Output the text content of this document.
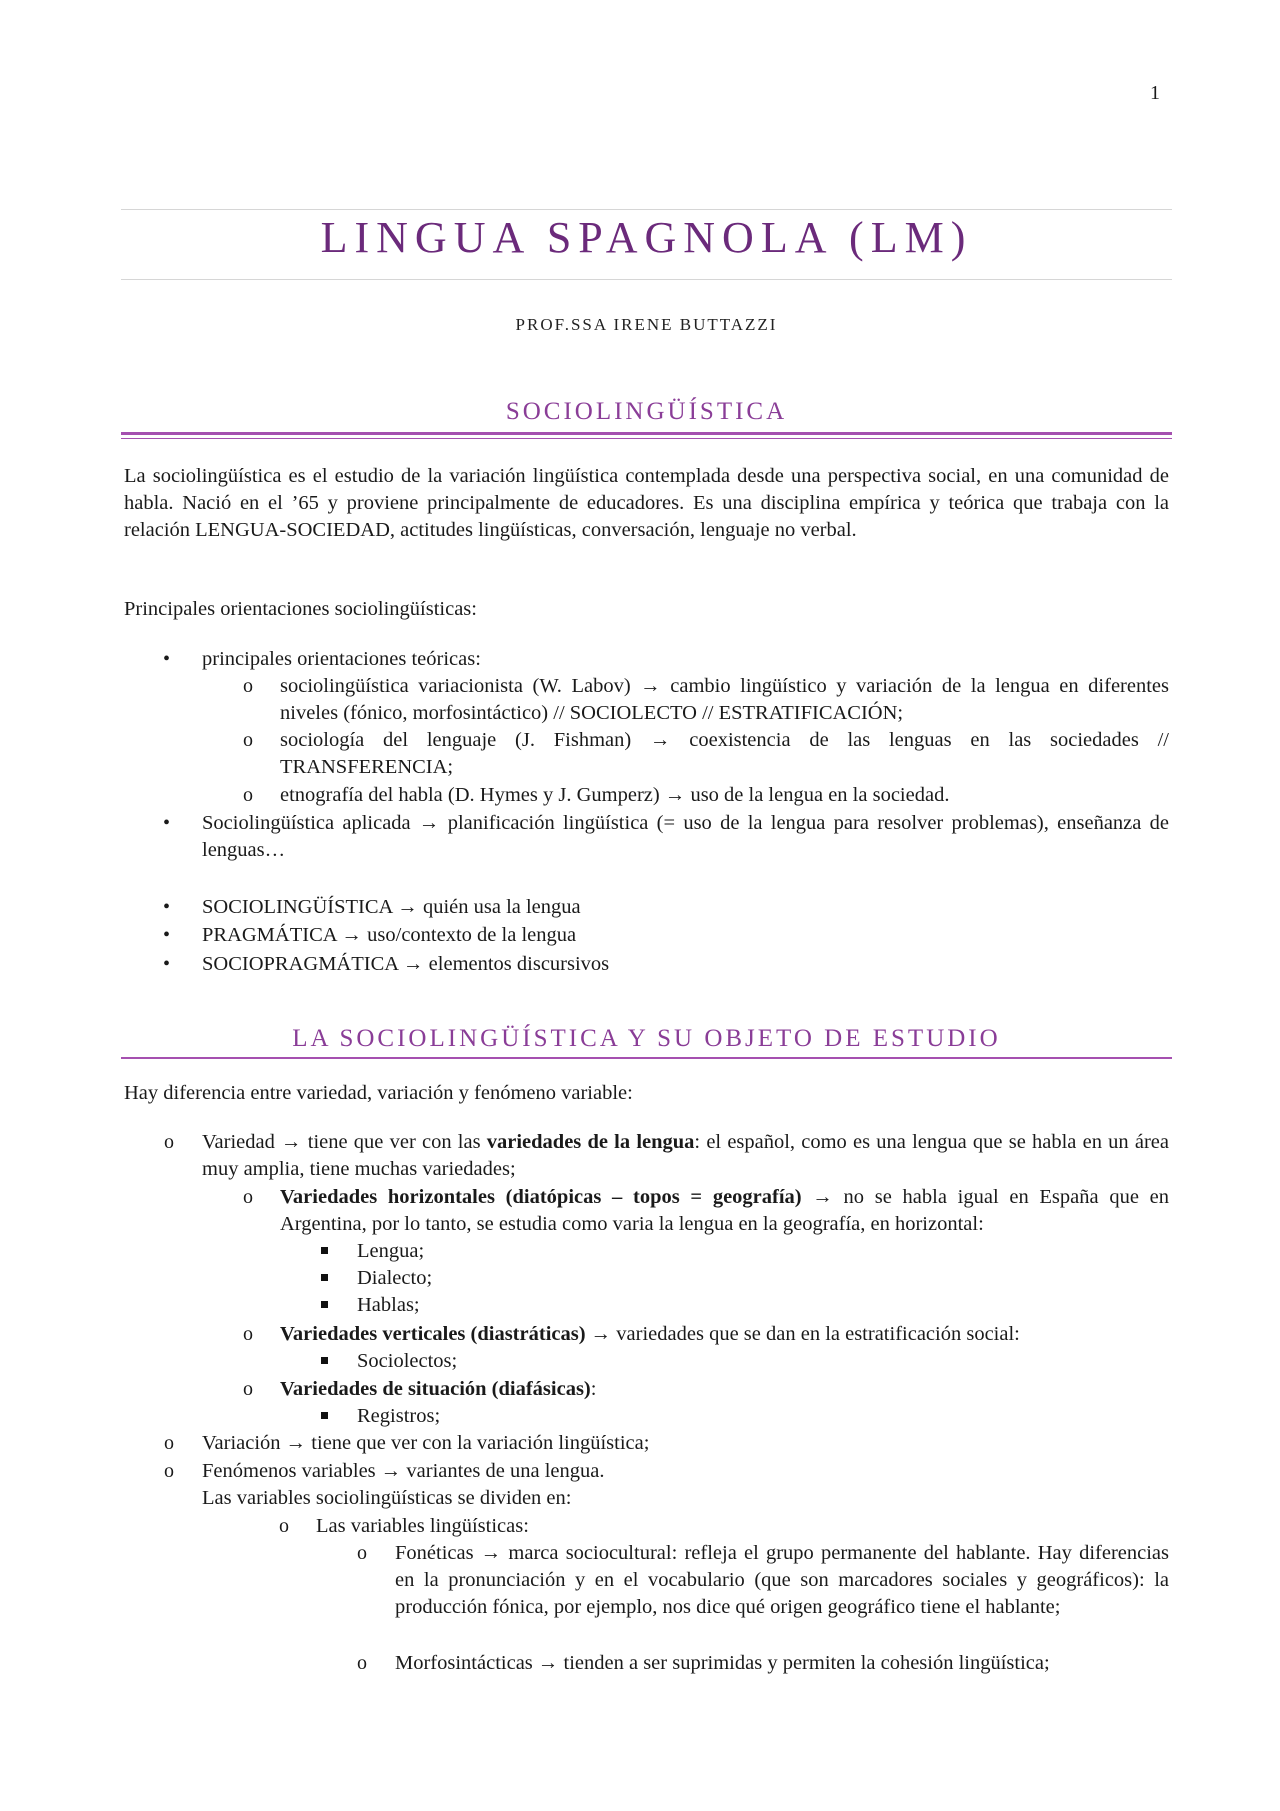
1
LINGUA SPAGNOLA (LM)
PROF.SSA IRENE BUTTAZZI
SOCIOLINGÜÍSTICA
La sociolingüística es el estudio de la variación lingüística contemplada desde una perspectiva social, en una comunidad de habla. Nació en el ’65 y proviene principalmente de educadores. Es una disciplina empírica y teórica que trabaja con la relación LENGUA-SOCIEDAD, actitudes lingüísticas, conversación, lenguaje no verbal.
Principales orientaciones sociolingüísticas:
• principales orientaciones teóricas:
o sociolingüística variacionista (W. Labov) → cambio lingüístico y variación de la lengua en diferentes niveles (fónico, morfosintáctico) // SOCIOLECTO // ESTRATIFICACIÓN;
o sociología del lenguaje (J. Fishman) → coexistencia de las lenguas en las sociedades // TRANSFERENCIA;
o etnografía del habla (D. Hymes y J. Gumperz) → uso de la lengua en la sociedad.
• Sociolingüística aplicada → planificación lingüística (= uso de la lengua para resolver problemas), enseñanza de lenguas…
• SOCIOLINGÜÍSTICA → quién usa la lengua
• PRAGMÁTICA → uso/contexto de la lengua
• SOCIOPRAGMÁTICA → elementos discursivos
LA SOCIOLINGÜÍSTICA Y SU OBJETO DE ESTUDIO
Hay diferencia entre variedad, variación y fenómeno variable:
o Variedad → tiene que ver con las variedades de la lengua: el español, como es una lengua que se habla en un área muy amplia, tiene muchas variedades;
o Variedades horizontales (diatópicas – topos = geografía) → no se habla igual en España que en Argentina, por lo tanto, se estudia como varia la lengua en la geografía, en horizontal:
Lengua;
Dialecto;
Hablas;
o Variedades verticales (diastráticas) → variedades que se dan en la estratificación social:
Sociolectos;
o Variedades de situación (diafásicas):
Registros;
o Variación → tiene que ver con la variación lingüística;
o Fenómenos variables → variantes de una lengua.
Las variables sociolingüísticas se dividen en:
o Las variables lingüísticas:
o Fonéticas → marca sociocultural: refleja el grupo permanente del hablante. Hay diferencias en la pronunciación y en el vocabulario (que son marcadores sociales y geográficos): la producción fónica, por ejemplo, nos dice qué origen geográfico tiene el hablante;
o Morfosintácticas → tienden a ser suprimidas y permiten la cohesión lingüística;
